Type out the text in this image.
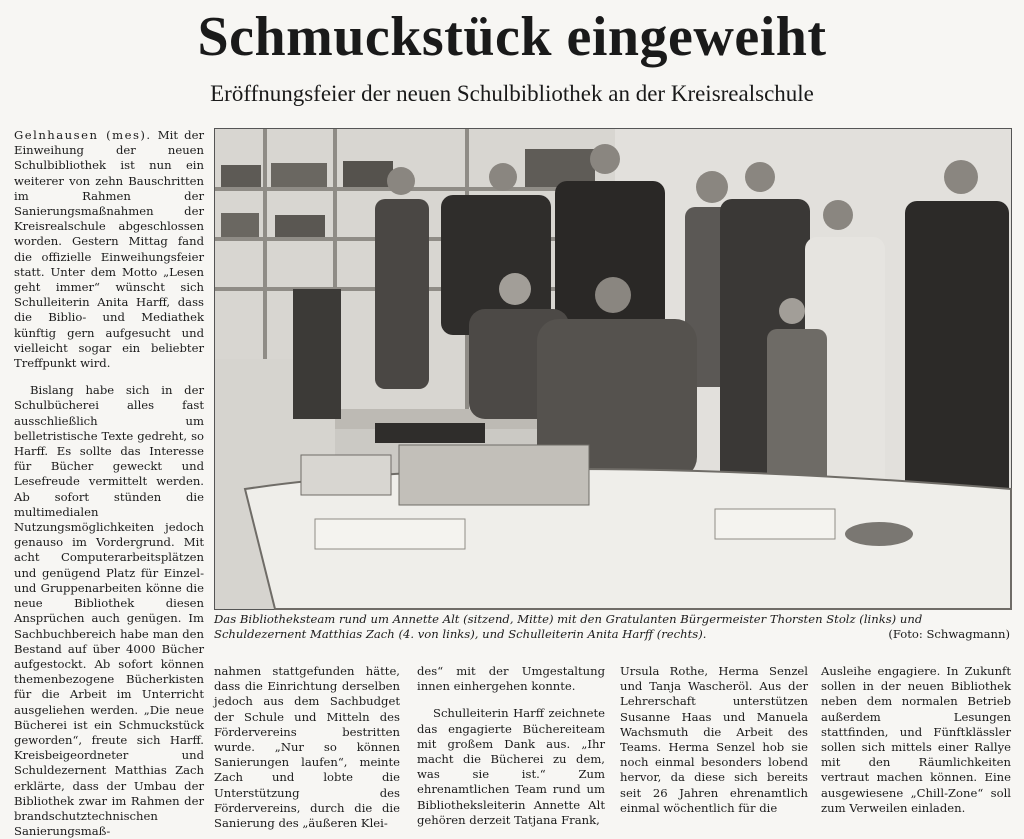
Schmuckstück eingeweiht
Eröffnungsfeier der neuen Schulbibliothek an der Kreisrealschule

Gelnhausen (mes). Mit der Einweihung der neuen Schulbibliothek ist nun ein weiterer von zehn Bauschritten im Rahmen der Sanierungsmaßnahmen der Kreisrealschule abgeschlossen worden. Gestern Mittag fand die offizielle Einweihungsfeier statt. Unter dem Motto „Lesen geht immer“ wünscht sich Schulleiterin Anita Harff, dass die Biblio- und Mediathek künftig gern aufgesucht und vielleicht sogar ein beliebter Treffpunkt wird.

Bislang habe sich in der Schulbücherei alles fast ausschließlich um belletristische Texte gedreht, so Harff. Es sollte das Interesse für Bücher geweckt und Lesefreude vermittelt werden. Ab sofort stünden die multimedialen Nutzungsmöglichkeiten jedoch genauso im Vordergrund. Mit acht Computerarbeitsplätzen und genügend Platz für Einzel- und Gruppenarbeiten könne die neue Bibliothek diesen Ansprüchen auch genügen. Im Sachbuchbereich habe man den Bestand auf über 4000 Bücher aufgestockt. Ab sofort können themenbezogene Bücherkisten für die Arbeit im Unterricht ausgeliehen werden. „Die neue Bücherei ist ein Schmuckstück geworden“, freute sich Harff. Kreisbeigeordneter und Schuldezernent Matthias Zach erklärte, dass der Umbau der Bibliothek zwar im Rahmen der brandschutztechnischen Sanierungsmaß-

Das Bibliotheksteam rund um Annette Alt (sitzend, Mitte) mit den Gratulanten Bürgermeister Thorsten Stolz (links) und Schuldezernent Matthias Zach (4. von links), und Schulleiterin Anita Harff (rechts).	(Foto: Schwagmann)

nahmen stattgefunden hätte, dass die Einrichtung derselben jedoch aus dem Sachbudget der Schule und Mitteln des Fördervereins bestritten wurde. „Nur so können Sanierungen laufen“, meinte Zach und lobte die Unterstützung des Fördervereins, durch die die Sanierung des „äußeren Klei-

des“ mit der Umgestaltung innen einhergehen konnte.

Schulleiterin Harff zeichnete das engagierte Büchereiteam mit großem Dank aus. „Ihr macht die Bücherei zu dem, was sie ist.“ Zum ehrenamtlichen Team rund um Bibliotheksleiterin Annette Alt gehören derzeit Tatjana Frank,

Ursula Rothe, Herma Senzel und Tanja Wascheröl. Aus der Lehrerschaft unterstützen Susanne Haas und Manuela Wachsmuth die Arbeit des Teams. Herma Senzel hob sie noch einmal besonders lobend hervor, da diese sich bereits seit 26 Jahren ehrenamtlich einmal wöchentlich für die

Ausleihe engagiere. In Zukunft sollen in der neuen Bibliothek neben dem normalen Betrieb außerdem Lesungen stattfinden, und Fünftklässler sollen sich mittels einer Rallye mit den Räumlichkeiten vertraut machen können. Eine ausgewiesene „Chill-Zone“ soll zum Verweilen einladen.
